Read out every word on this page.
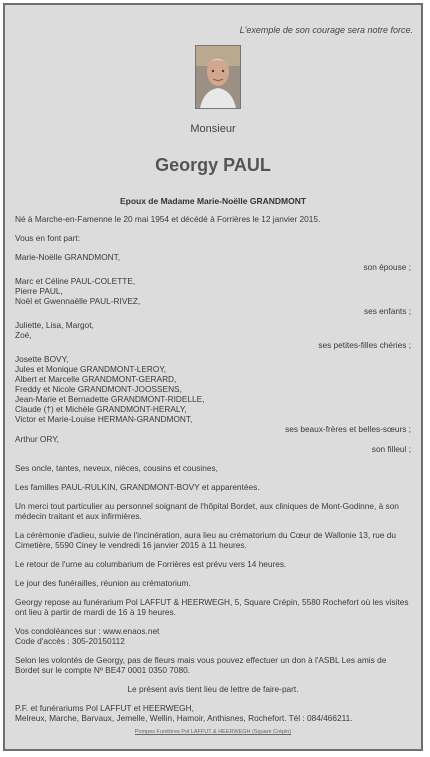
L'exemple de son courage sera notre force.
Monsieur
Georgy PAUL
Epoux de Madame Marie-Noëlle GRANDMONT

Né à Marche-en-Famenne le 20 mai 1954 et décédé à Forrières le 12 janvier 2015.

Vous en font part:

Marie-Noëlle GRANDMONT,

son épouse ;

Marc et Céline PAUL-COLETTE,

Pierre PAUL,

Noël et Gwennaëlle PAUL-RIVEZ,

ses enfants ;

Juliette, Lisa, Margot,

Zoé,

ses petites-filles chéries ;

Josette BOVY,

Jules et Monique GRANDMONT-LEROY,

Albert et Marcelle GRANDMONT-GERARD,

Freddy et Nicole GRANDMONT-JOOSSENS,

Jean-Marie et Bernadette GRANDMONT-RIDELLE,

Claude (†) et Michèle GRANDMONT-HERALY,

Victor et Marie-Louise HERMAN-GRANDMONT,

ses beaux-frères et belles-sœurs ;

Arthur ORY,

son filleul ;

Ses oncle, tantes, neveux, nièces, cousins et cousines,

Les familles PAUL-RULKIN, GRANDMONT-BOVY et apparentées.

Un merci tout particulier au personnel soignant de l'hôpital Bordet, aux cliniques de Mont-Godinne, à son médecin traitant et aux infirmières.

La cérémonie d'adieu, suivie de l'incinération, aura lieu au crématorium du Cœur de Wallonie 13, rue du Cimetière, 5590 Ciney le vendredi 16 janvier 2015 à 11 heures.

Le retour de l'urne au columbarium de Forrières est prévu vers 14 heures.

Le jour des funérailles, réunion au crématorium.

Georgy repose au funérarium Pol LAFFUT & HEERWEGH, 5, Square Crépin, 5580 Rochefort où les visites ont lieu à partir de mardi de 16 à 19 heures.

Vos condoléances sur : www.enaos.net

Code d'accès : 305-20150112

Selon les volontés de Georgy, pas de fleurs mais vous pouvez effectuer un don à l'ASBL Les amis de Bordet sur le compte Nº BE47 0001 0350 7080.

Le présent avis tient lieu de lettre de faire-part.

P.F. et funérariums Pol LAFFUT et HEERWEGH,

Melreux, Marche, Barvaux, Jemelle, Wellin, Hamoir, Anthisnes, Rochefort. Tél : 084/466211.

Pompes Funèbres Pol LAFFUT & HEERWEGH (Square Crépin)
